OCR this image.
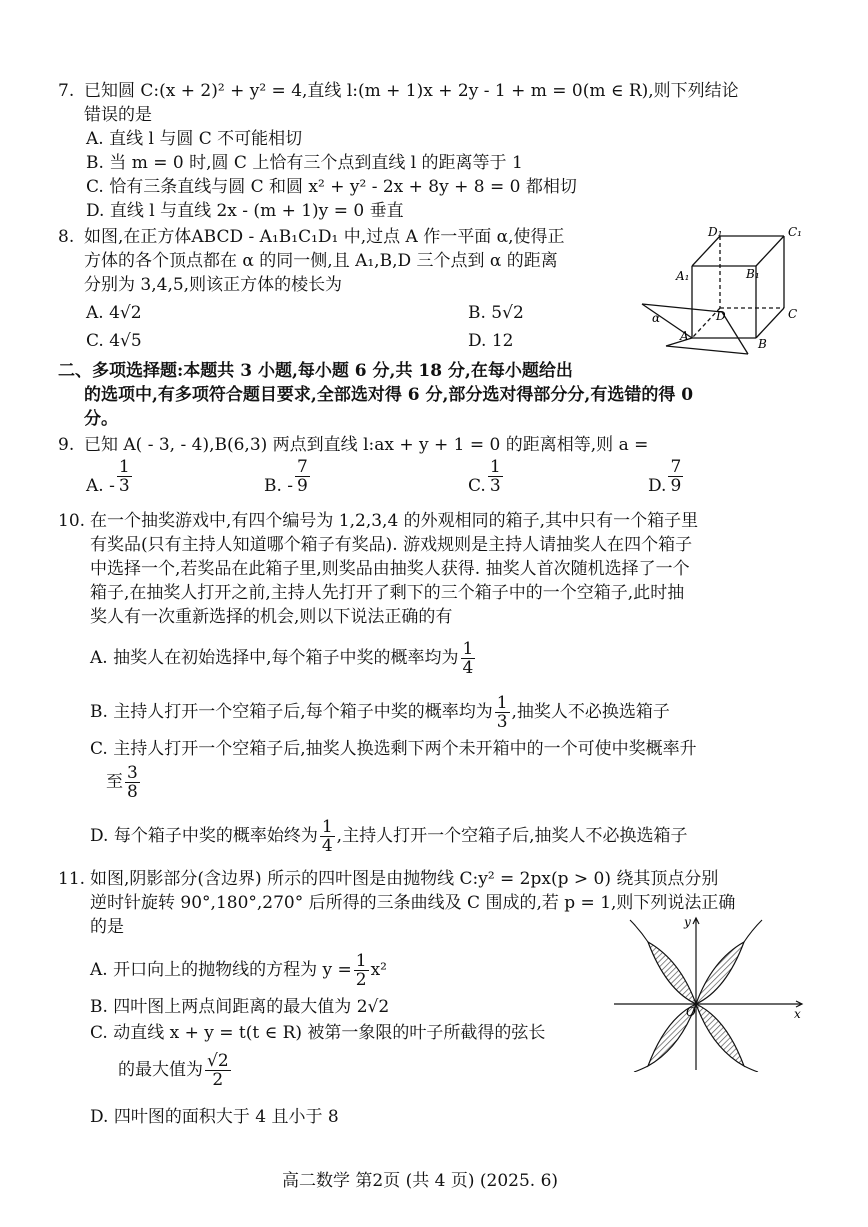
7. 已知圆 C:(x + 2)² + y² = 4,直线 l:(m + 1)x + 2y - 1 + m = 0(m ∈ R),则下列结论
错误的是
A. 直线 l 与圆 C 不可能相切
B. 当 m = 0 时,圆 C 上恰有三个点到直线 l 的距离等于 1
C. 恰有三条直线与圆 C 和圆 x² + y² - 2x + 8y + 8 = 0 都相切
D. 直线 l 与直线 2x - (m + 1)y = 0 垂直
8. 如图,在正方体ABCD - A₁B₁C₁D₁ 中,过点 A 作一平面 α,使得正
方体的各个顶点都在 α 的同一侧,且 A₁,B,D 三个点到 α 的距离
分别为 3,4,5,则该正方体的棱长为
A. 4√2	B. 5√2
C. 4√5	D. 12
D₁	C₁
A₁	B₁
D	C
A
B
α
二、多项选择题:本题共 3 小题,每小题 6 分,共 18 分,在每小题给出
的选项中,有多项符合题目要求,全部选对得 6 分,部分选对得部分分,有选错的得 0
分。
9. 已知 A( - 3, - 4),B(6,3) 两点到直线 l:ax + y + 1 = 0 的距离相等,则 a =
A. - $\frac{1}{3}$	B. - $\frac{7}{9}$	C. $\frac{1}{3}$	D. $\frac{7}{9}$
10. 在一个抽奖游戏中,有四个编号为 1,2,3,4 的外观相同的箱子,其中只有一个箱子里
有奖品(只有主持人知道哪个箱子有奖品). 游戏规则是主持人请抽奖人在四个箱子
中选择一个,若奖品在此箱子里,则奖品由抽奖人获得. 抽奖人首次随机选择了一个
箱子,在抽奖人打开之前,主持人先打开了剩下的三个箱子中的一个空箱子,此时抽
奖人有一次重新选择的机会,则以下说法正确的有
A. 抽奖人在初始选择中,每个箱子中奖的概率均为 $\frac{1}{4}$
B. 主持人打开一个空箱子后,每个箱子中奖的概率均为 $\frac{1}{3}$ ,抽奖人不必换选箱子
C. 主持人打开一个空箱子后,抽奖人换选剩下两个未开箱中的一个可使中奖概率升
至 $\frac{3}{8}$
D. 每个箱子中奖的概率始终为 $\frac{1}{4}$ ,主持人打开一个空箱子后,抽奖人不必换选箱子
11. 如图,阴影部分(含边界) 所示的四叶图是由抛物线 C:y² = 2px(p > 0) 绕其顶点分别
逆时针旋转 90°,180°,270° 后所得的三条曲线及 C 围成的,若 p = 1,则下列说法正确
的是
A. 开口向上的抛物线的方程为 $y = \frac{1}{2} x^2$
B. 四叶图上两点间距离的最大值为 2√2
C. 动直线 x + y = t(t ∈ R) 被第一象限的叶子所截得的弦长
的最大值为 $\frac{√2}{2}$
D. 四叶图的面积大于 4 且小于 8
y
x
O
高二数学 第2页 (共 4 页) (2025. 6)
